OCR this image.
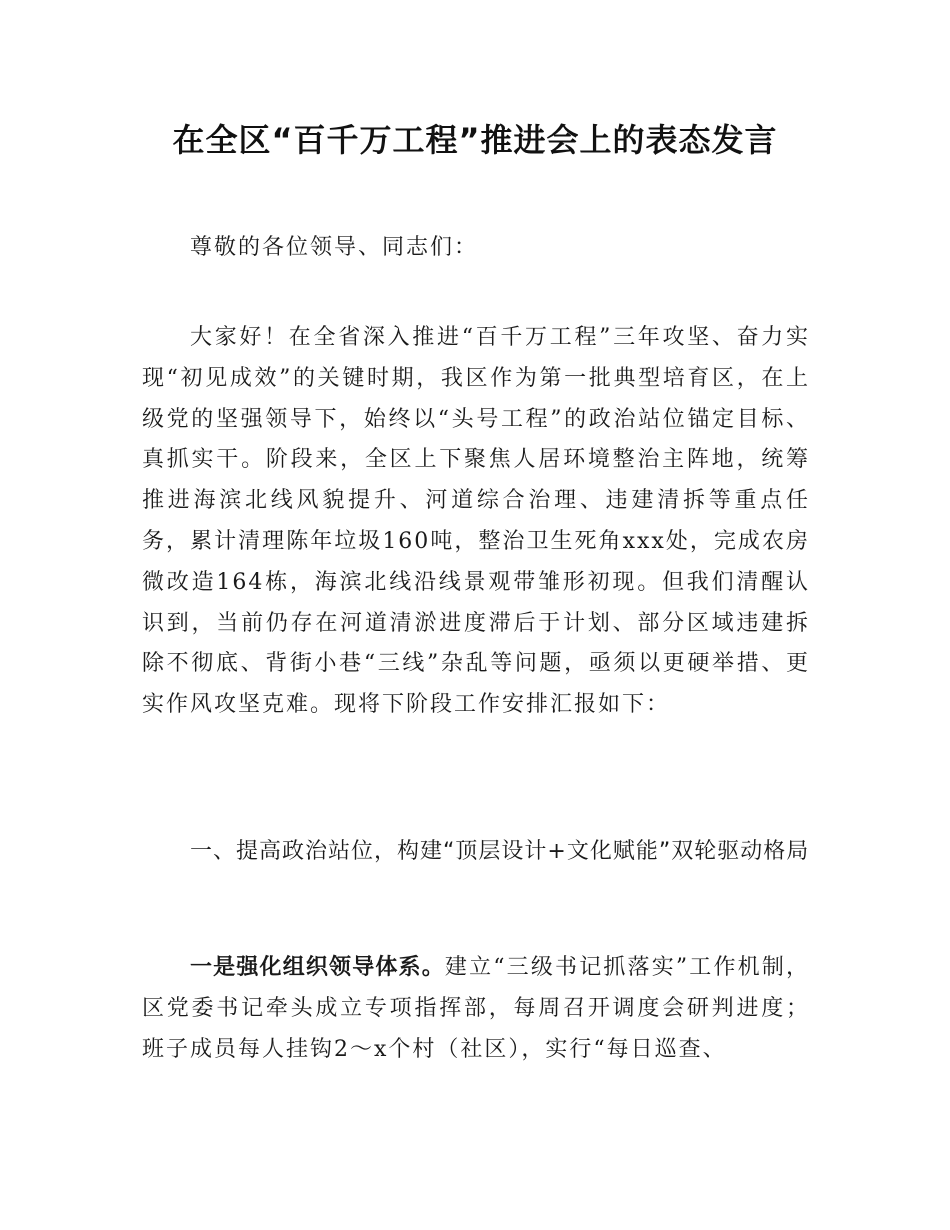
在全区“百千万工程”推进会上的表态发言

尊敬的各位领导、同志们：

大家好！在全省深入推进“百千万工程”三年攻坚、奋力实现“初见成效”的关键时期，我区作为第一批典型培育区，在上级党的坚强领导下，始终以“头号工程”的政治站位锚定目标、真抓实干。阶段来，全区上下聚焦人居环境整治主阵地，统筹推进海滨北线风貌提升、河道综合治理、违建清拆等重点任务，累计清理陈年垃圾160吨，整治卫生死角xxx处，完成农房微改造164栋，海滨北线沿线景观带雏形初现。但我们清醒认识到，当前仍存在河道清淤进度滞后于计划、部分区域违建拆除不彻底、背街小巷“三线”杂乱等问题，亟须以更硬举措、更实作风攻坚克难。现将下阶段工作安排汇报如下：

一、提高政治站位，构建“顶层设计+文化赋能”双轮驱动格局

一是强化组织领导体系。建立“三级书记抓落实”工作机制，区党委书记牵头成立专项指挥部，每周召开调度会研判进度；班子成员每人挂钩2～x个村（社区），实行“每日巡查、
